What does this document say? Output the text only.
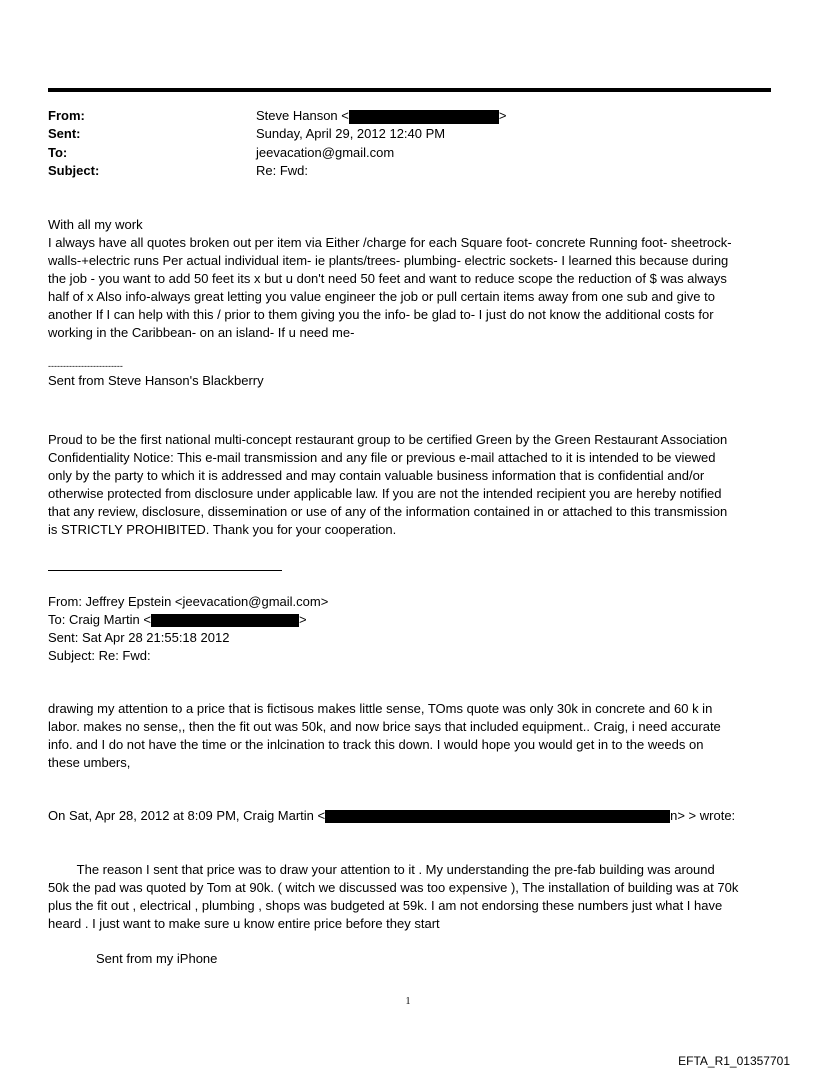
From:	Steve Hanson <	>
Sent:	Sunday, April 29, 2012 12:40 PM
To:	jeevacation@gmail.com
Subject:	Re: Fwd:
With all my work
I always have all quotes broken out per item via Either /charge for each Square foot- concrete Running foot- sheetrock-
walls-+electric runs Per actual individual item- ie plants/trees- plumbing- electric sockets- I learned this because during
the job - you want to add 50 feet its x but u don't need 50 feet and want to reduce scope the reduction of $ was always
half of x Also info-always great letting you value engineer the job or pull certain items away from one sub and give to
another If I can help with this / prior to them giving you the info- be glad to- I just do not know the additional costs for
working in the Caribbean- on an island- If u need me-
-------------------------
Sent from Steve Hanson's Blackberry
Proud to be the first national multi-concept restaurant group to be certified Green by the Green Restaurant Association
Confidentiality Notice: This e-mail transmission and any file or previous e-mail attached to it is intended to be viewed
only by the party to which it is addressed and may contain valuable business information that is confidential and/or
otherwise protected from disclosure under applicable law. If you are not the intended recipient you are hereby notified
that any review, disclosure, dissemination or use of any of the information contained in or attached to this transmission
is STRICTLY PROHIBITED. Thank you for your cooperation.
From: Jeffrey Epstein <jeevacation@gmail.com>
To: Craig Martin <	>
Sent: Sat Apr 28 21:55:18 2012
Subject: Re: Fwd:
drawing my attention to a price that is fictisous makes little sense, TOms quote was only 30k in concrete and 60 k in
labor. makes no sense,, then the fit out was 50k, and now brice says that included equipment.. Craig, i need accurate
info. and I do not have the time or the inlcination to track this down. I would hope you would get in to the weeds on
these umbers,
On Sat, Apr 28, 2012 at 8:09 PM, Craig Martin <	n> > wrote:
The reason I sent that price was to draw your attention to it . My understanding the pre-fab building was around
50k the pad was quoted by Tom at 90k. ( witch we discussed was too expensive ), The installation of building was at 70k
plus the fit out , electrical , plumbing , shops was budgeted at 59k. I am not endorsing these numbers just what I have
heard . I just want to make sure u know entire price before they start
Sent from my iPhone
1
EFTA_R1_01357701
